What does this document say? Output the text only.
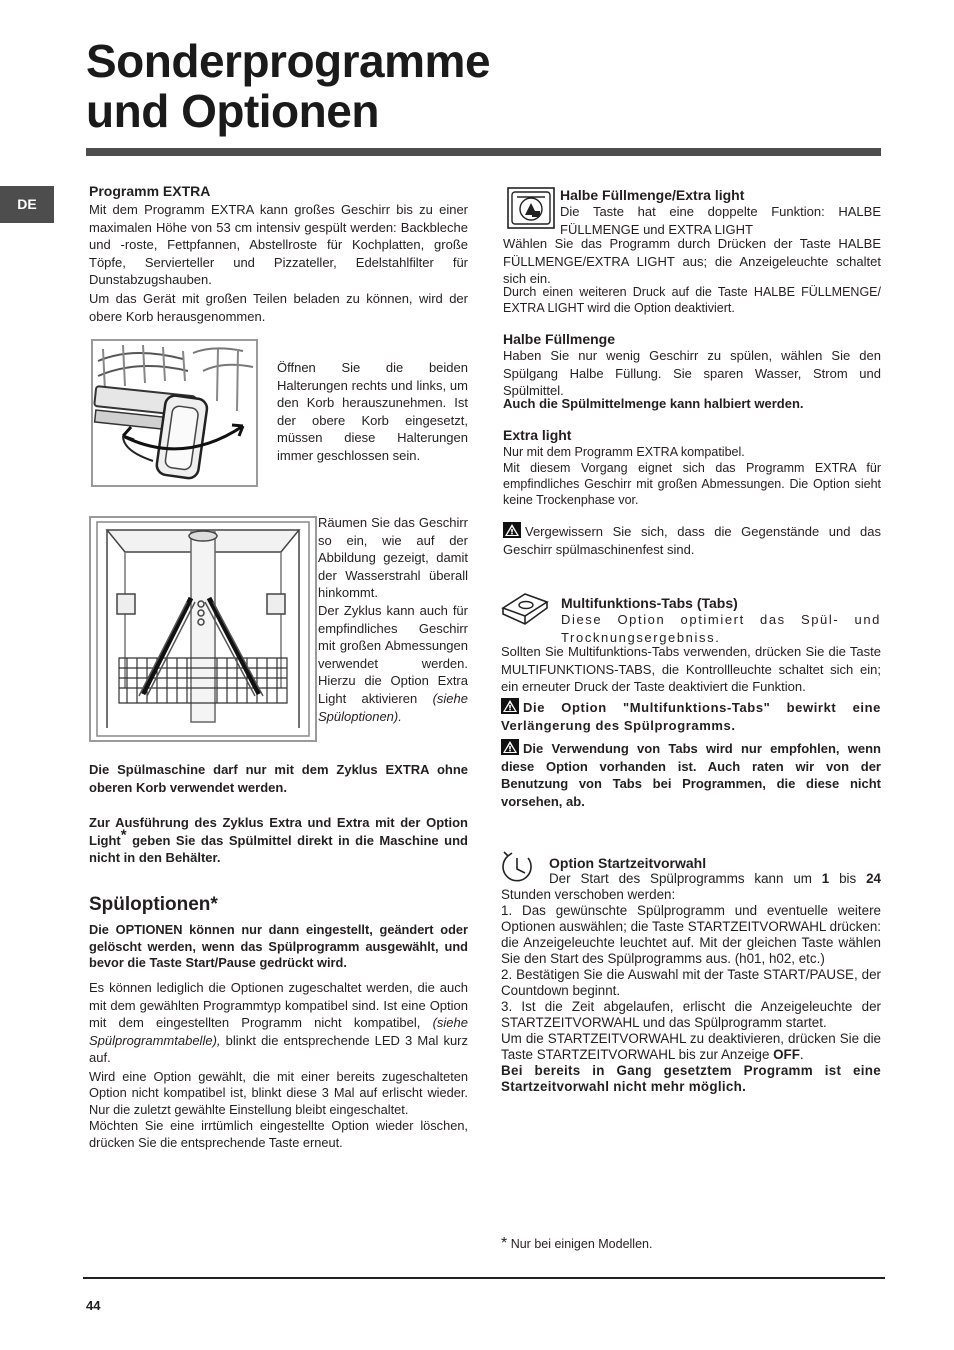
Sonderprogramme
und Optionen
DE
Programm EXTRA
Mit dem Programm EXTRA kann großes Geschirr bis zu einer maximalen Höhe von 53 cm intensiv gespült werden: Backbleche und -roste, Fettpfannen, Abstellroste für Kochplatten, große Töpfe, Servierteller und Pizzateller, Edelstahlfilter für Dunstabzugshauben.
Um das Gerät mit großen Teilen beladen zu können, wird der obere Korb herausgenommen.
Öffnen Sie die beiden Halterungen rechts und links, um den Korb herauszunehmen. Ist der obere Korb eingesetzt, müssen diese Halterungen immer geschlossen sein.

Räumen Sie das Geschirr so ein, wie auf der Abbildung gezeigt, damit der Wasserstrahl überall hinkommt.

Der Zyklus kann auch für empfindliches Geschirr mit großen Abmessungen verwendet werden. Hierzu die Option Extra Light aktivieren (siehe Spüloptionen).

Die Spülmaschine darf nur mit dem Zyklus EXTRA ohne oberen Korb verwendet werden.
Zur Ausführung des Zyklus Extra und Extra mit der Option Light* geben Sie das Spülmittel direkt in die Maschine und nicht in den Behälter.
Spüloptionen*
Die OPTIONEN können nur dann eingestellt, geändert oder gelöscht werden, wenn das Spülprogramm ausgewählt, und bevor die Taste Start/Pause gedrückt wird.
Es können lediglich die Optionen zugeschaltet werden, die auch mit dem gewählten Programmtyp kompatibel sind. Ist eine Option mit dem eingestellten Programm nicht kompatibel, (siehe Spülprogrammtabelle), blinkt die entsprechende LED 3 Mal kurz auf.

Wird eine Option gewählt, die mit einer bereits zugeschalteten Option nicht kompatibel ist, blinkt diese 3 Mal auf erlischt wieder. Nur die zuletzt gewählte Einstellung bleibt eingeschaltet.

Möchten Sie eine irrtümlich eingestellte Option wieder löschen, drücken Sie die entsprechende Taste erneut.

Halbe Füllmenge/Extra light
Die Taste hat eine doppelte Funktion: HALBE FÜLLMENGE und EXTRA LIGHT
Wählen Sie das Programm durch Drücken der Taste HALBE FÜLLMENGE/EXTRA LIGHT aus; die Anzeigeleuchte schaltet sich ein.
Durch einen weiteren Druck auf die Taste HALBE FÜLLMENGE/ EXTRA LIGHT wird die Option deaktiviert.
Halbe Füllmenge
Haben Sie nur wenig Geschirr zu spülen, wählen Sie den Spülgang Halbe Füllung. Sie sparen Wasser, Strom und Spülmittel.
Auch die Spülmittelmenge kann halbiert werden.
Extra light
Nur mit dem Programm EXTRA kompatibel.
Mit diesem Vorgang eignet sich das Programm EXTRA für empfindliches Geschirr mit großen Abmessungen. Die Option sieht keine Trockenphase vor.
Vergewissern Sie sich, dass die Gegenstände und das Geschirr spülmaschinenfest sind.
Multifunktions-Tabs (Tabs)
Diese Option optimiert das Spül- und Trocknungsergebniss.
Sollten Sie Multifunktions-Tabs verwenden, drücken Sie die Taste MULTIFUNKTIONS-TABS, die Kontrollleuchte schaltet sich ein; ein erneuter Druck der Taste deaktiviert die Funktion.
Die Option "Multifunktions-Tabs" bewirkt eine Verlängerung des Spülprogramms.
Die Verwendung von Tabs wird nur empfohlen, wenn diese Option vorhanden ist. Auch raten wir von der Benutzung von Tabs bei Programmen, die diese nicht vorsehen, ab.
Option Startzeitvorwahl
Der Start des Spülprogramms kann um 1 bis 24 Stunden verschoben werden:

1. Das gewünschte Spülprogramm und eventuelle weitere Optionen auswählen; die Taste STARTZEITVORWAHL drücken: die Anzeigeleuchte leuchtet auf. Mit der gleichen Taste wählen Sie den Start des Spülprogramms aus. (h01, h02, etc.)

2. Bestätigen Sie die Auswahl mit der Taste START/PAUSE, der Countdown beginnt.

3. Ist die Zeit abgelaufen, erlischt die Anzeigeleuchte der STARTZEITVORWAHL und das Spülprogramm startet.

Um die STARTZEITVORWAHL zu deaktivieren, drücken Sie die Taste STARTZEITVORWAHL bis zur Anzeige OFF.

Bei bereits in Gang gesetztem Programm ist eine Startzeitvorwahl nicht mehr möglich.

* Nur bei einigen Modellen.
44
